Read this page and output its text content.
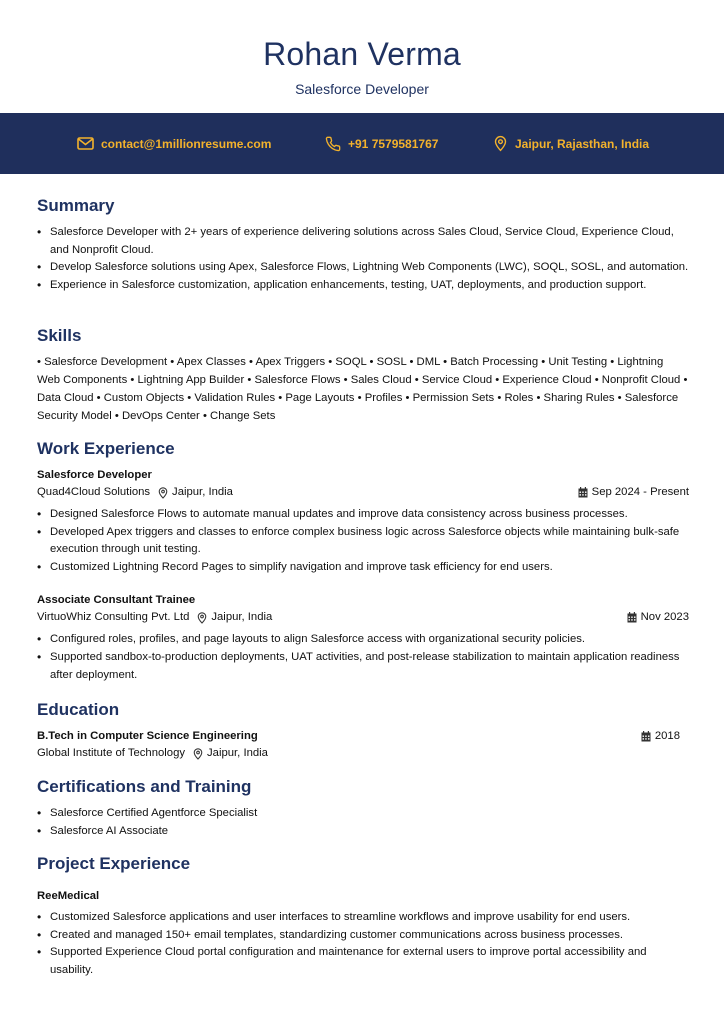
Rohan Verma
Salesforce Developer
contact@1millionresume.com	+91 7579581767	Jaipur, Rajasthan, India
Summary
• Salesforce Developer with 2+ years of experience delivering solutions across Sales Cloud, Service Cloud, Experience Cloud, and Nonprofit Cloud.
• Develop Salesforce solutions using Apex, Salesforce Flows, Lightning Web Components (LWC), SOQL, SOSL, and automation.
• Experience in Salesforce customization, application enhancements, testing, UAT, deployments, and production support.
Skills
• Salesforce Development • Apex Classes • Apex Triggers • SOQL • SOSL • DML • Batch Processing • Unit Testing • Lightning Web Components • Lightning App Builder • Salesforce Flows • Sales Cloud • Service Cloud • Experience Cloud • Nonprofit Cloud • Data Cloud • Custom Objects • Validation Rules • Page Layouts • Profiles • Permission Sets • Roles • Sharing Rules • Salesforce Security Model • DevOps Center • Change Sets
Work Experience
Salesforce Developer
Quad4Cloud Solutions Jaipur, India	Sep 2024 - Present
• Designed Salesforce Flows to automate manual updates and improve data consistency across business processes.
• Developed Apex triggers and classes to enforce complex business logic across Salesforce objects while maintaining bulk-safe execution through unit testing.
• Customized Lightning Record Pages to simplify navigation and improve task efficiency for end users.
Associate Consultant Trainee
VirtuoWhiz Consulting Pvt. Ltd Jaipur, India	Nov 2023
• Configured roles, profiles, and page layouts to align Salesforce access with organizational security policies.
• Supported sandbox-to-production deployments, UAT activities, and post-release stabilization to maintain application readiness after deployment.
Education
B.Tech in Computer Science Engineering	2018
Global Institute of Technology Jaipur, India
Certifications and Training
• Salesforce Certified Agentforce Specialist
• Salesforce AI Associate
Project Experience
ReeMedical
• Customized Salesforce applications and user interfaces to streamline workflows and improve usability for end users.
• Created and managed 150+ email templates, standardizing customer communications across business processes.
• Supported Experience Cloud portal configuration and maintenance for external users to improve portal accessibility and usability.
